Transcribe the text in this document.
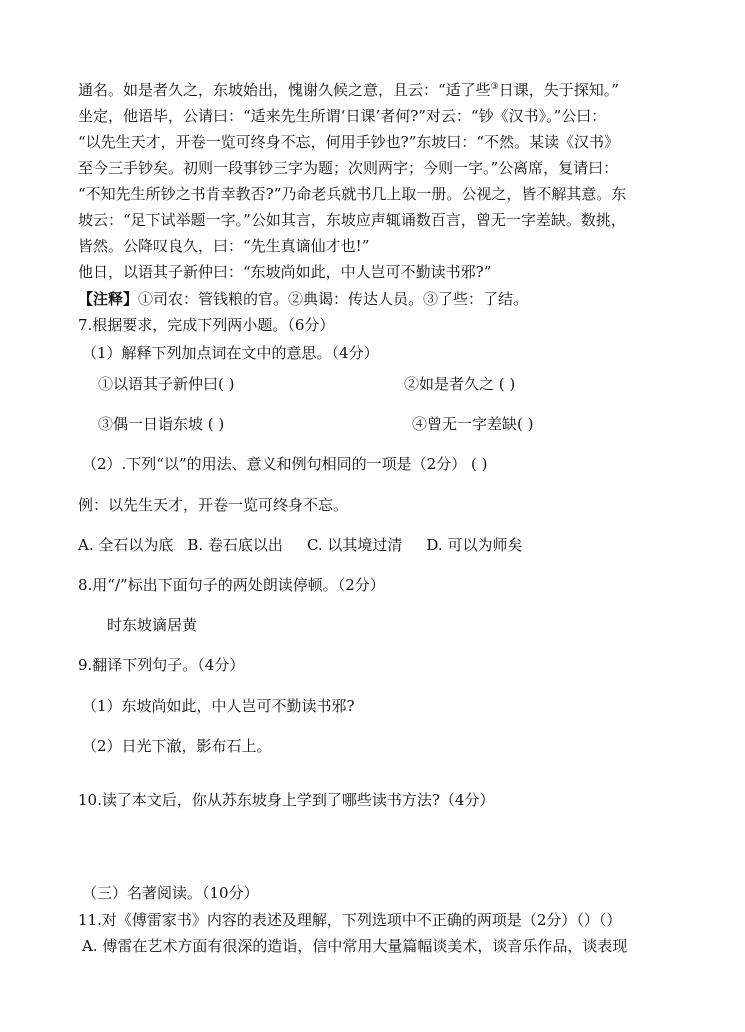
通名。如是者久之，东坡始出，愧谢久候之意，且云：“适了些③日课，失于探知。”
坐定，他语毕，公请曰：“适来先生所谓‘日课’者何?”对云：“钞《汉书》。”公曰：
“以先生天才，开卷一览可终身不忘，何用手钞也?”东坡曰：“不然。某读《汉书》
至今三手钞矣。初则一段事钞三字为题；次则两字；今则一字。”公离席，复请曰：
“不知先生所钞之书肯幸教否?”乃命老兵就书几上取一册。公视之，皆不解其意。东
坡云：“足下试举题一字。”公如其言，东坡应声辄诵数百言，曾无一字差缺。数挑，
皆然。公降叹良久，曰：“先生真谪仙才也!”
他日，以语其子新仲曰：“东坡尚如此，中人岂可不勤读书邪?”
【注释】①司农：管钱粮的官。②典谒：传达人员。③了些：了结。
7.根据要求，完成下列两小题。（6分）
（1）解释下列加点词在文中的意思。（4分）
①以语其子新仲曰( )	②如是者久之 ( )
③偶一日诣东坡 ( )	④曾无一字差缺( )
（2）.下列“以”的用法、意义和例句相同的一项是（2分） ( )
例：以先生天才，开卷一览可终身不忘。
A. 全石以为底 B. 卷石底以出 C. 以其境过清 D. 可以为师矣
8.用“/”标出下面句子的两处朗读停顿。（2分）
时东坡谪居黄
9.翻译下列句子。（4分）
（1）东坡尚如此，中人岂可不勤读书邪?
（2）日光下澈，影布石上。
10.读了本文后，你从苏东坡身上学到了哪些读书方法?（4分）
（三）名著阅读。（10分）
11.对《傅雷家书》内容的表述及理解，下列选项中不正确的两项是（2分）（）（）
A. 傅雷在艺术方面有很深的造诣，信中常用大量篇幅谈美术，谈音乐作品，谈表现
